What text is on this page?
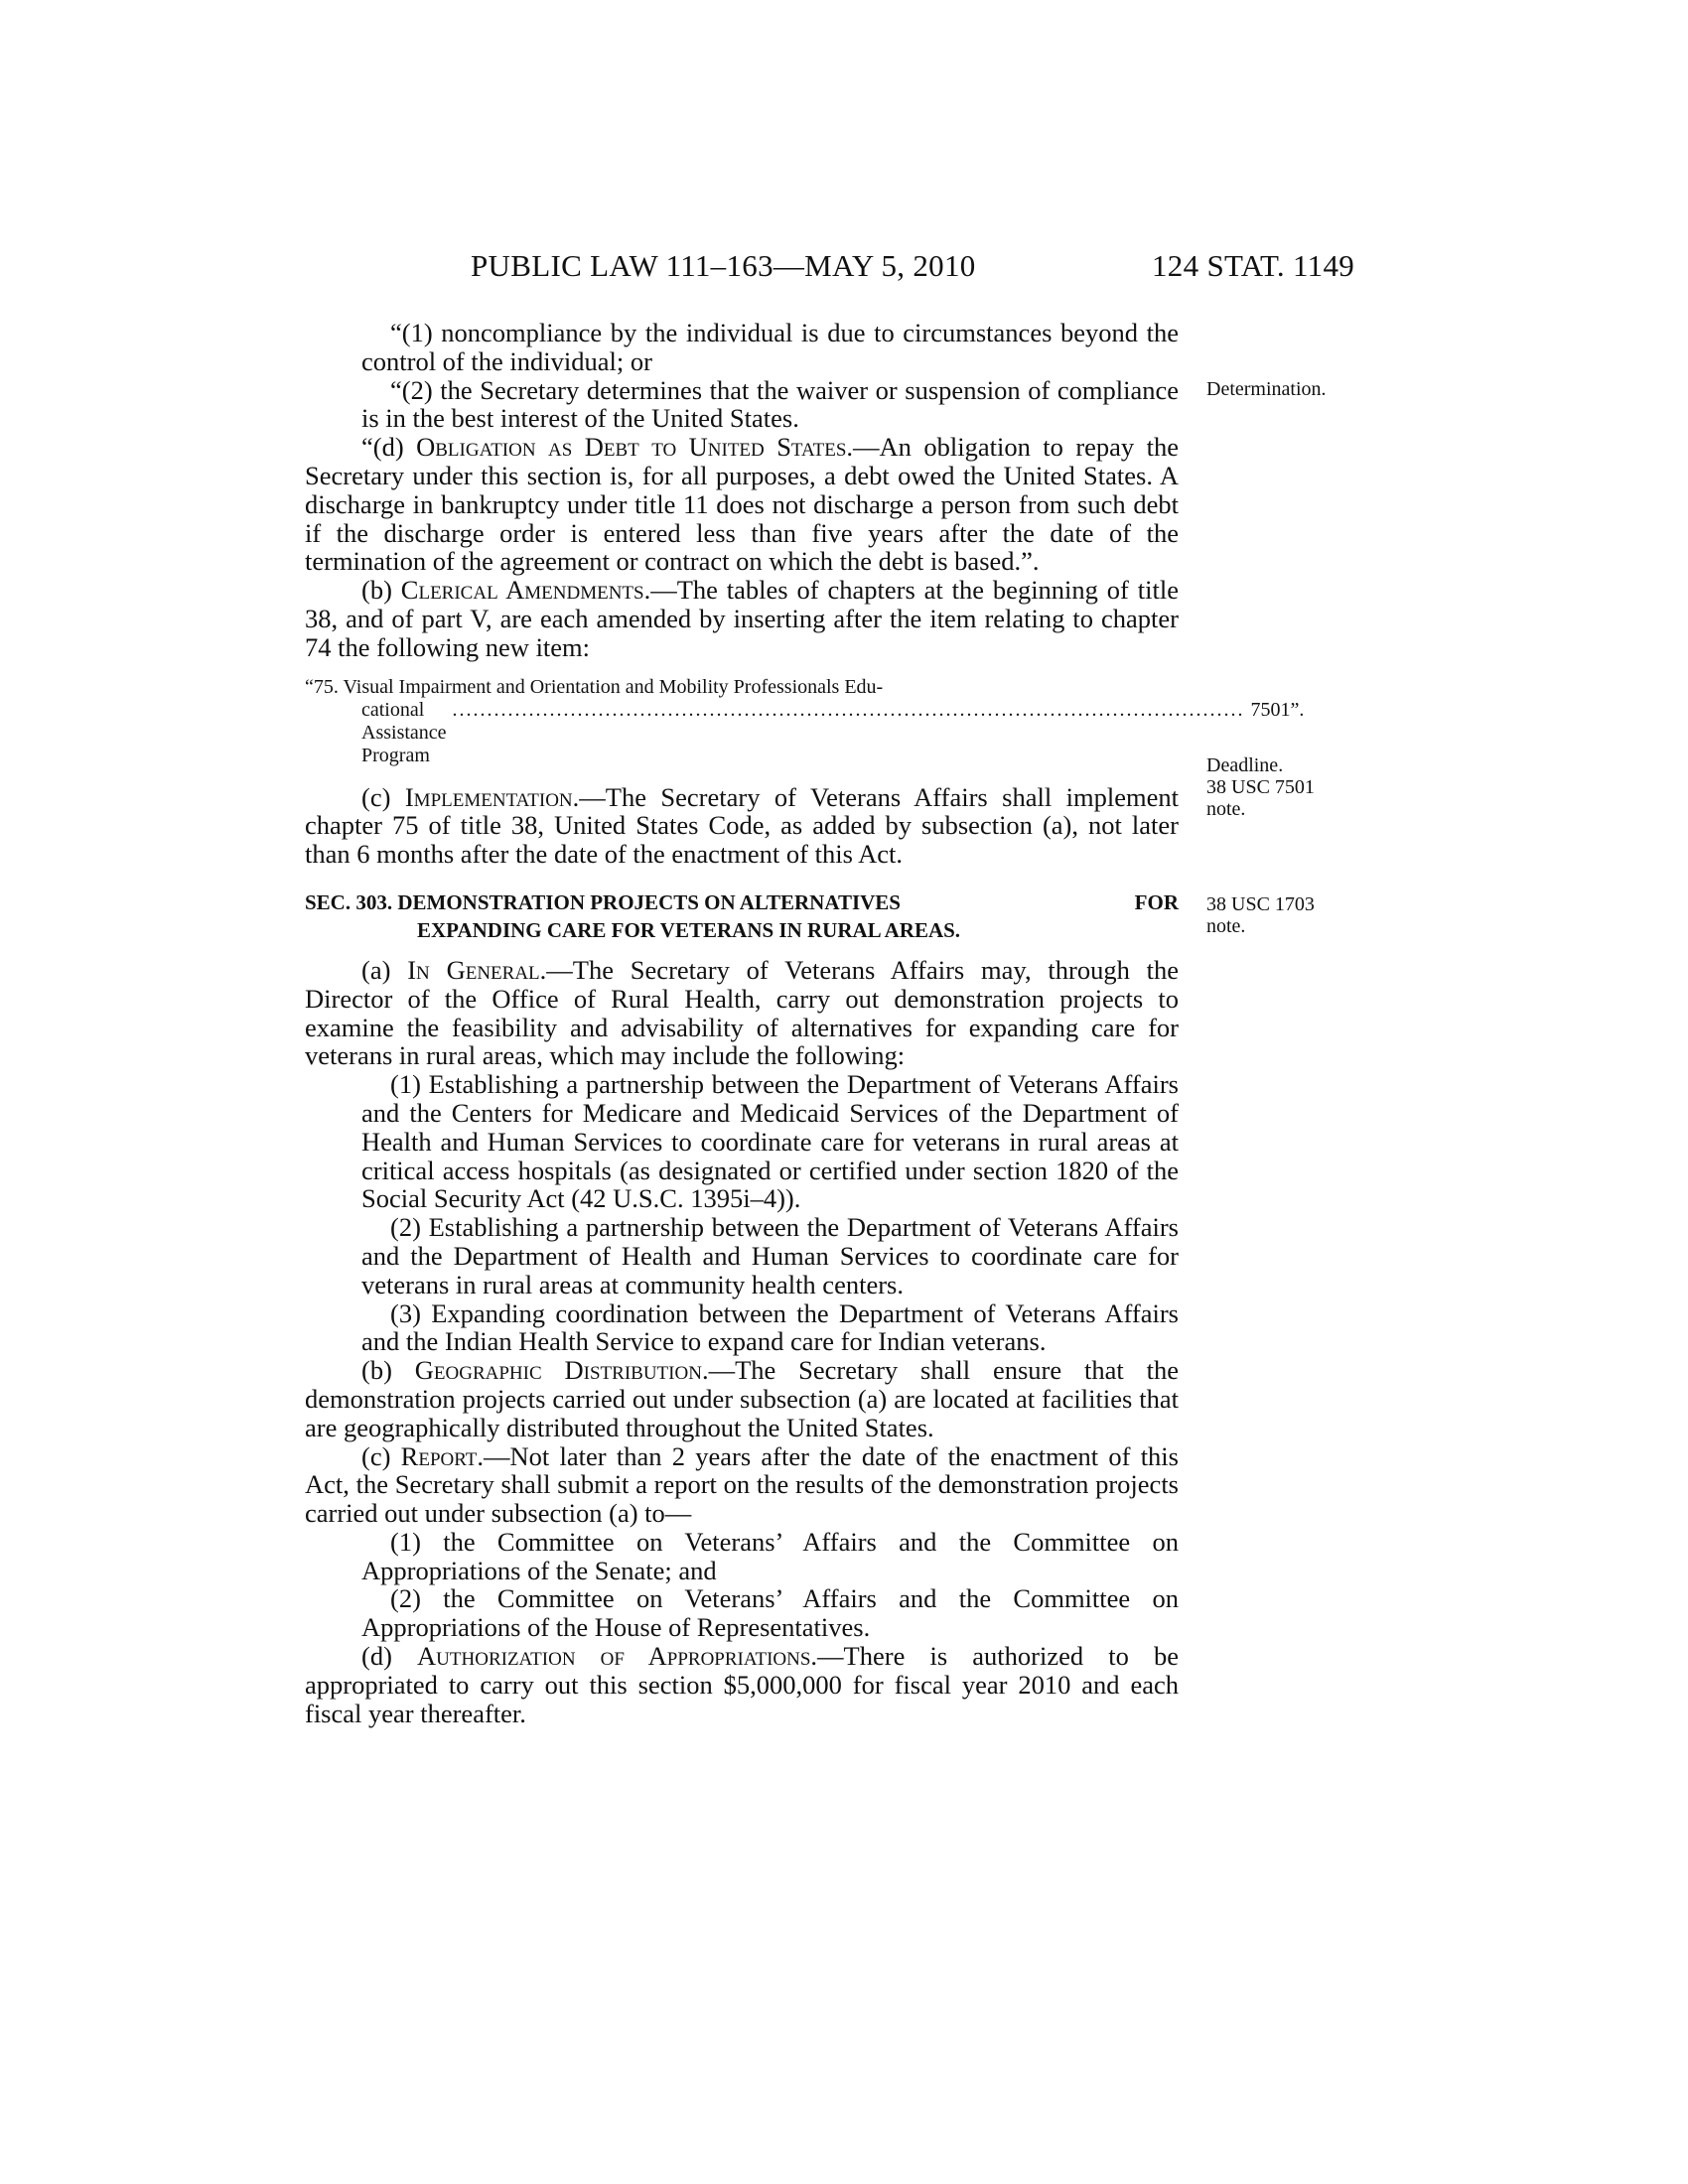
PUBLIC LAW 111–163—MAY 5, 2010	124 STAT. 1149
Determination.
Deadline.
38 USC 7501
note.
38 USC 1703
note.

“(1) noncompliance by the individual is due to circumstances beyond the control of the individual; or

“(2) the Secretary determines that the waiver or suspension of compliance is in the best interest of the United States.

“(d) Obligation as Debt to United States.—An obligation to repay the Secretary under this section is, for all purposes, a debt owed the United States. A discharge in bankruptcy under title 11 does not discharge a person from such debt if the discharge order is entered less than five years after the date of the termination of the agreement or contract on which the debt is based.”.

(b) Clerical Amendments.—The tables of chapters at the beginning of title 38, and of part V, are each amended by inserting after the item relating to chapter 74 the following new item:

“75. Visual Impairment and Orientation and Mobility Professionals Edu-
cational Assistance Program
.................................................................................................................. 7501”.

(c) Implementation.—The Secretary of Veterans Affairs shall implement chapter 75 of title 38, United States Code, as added by subsection (a), not later than 6 months after the date of the enactment of this Act.

SEC. 303. DEMONSTRATION PROJECTS ON ALTERNATIVES	FOR
EXPANDING CARE FOR VETERANS IN RURAL AREAS.

(a) In General.—The Secretary of Veterans Affairs may, through the Director of the Office of Rural Health, carry out demonstration projects to examine the feasibility and advisability of alternatives for expanding care for veterans in rural areas, which may include the following:

(1) Establishing a partnership between the Department of Veterans Affairs and the Centers for Medicare and Medicaid Services of the Department of Health and Human Services to coordinate care for veterans in rural areas at critical access hospitals (as designated or certified under section 1820 of the Social Security Act (42 U.S.C. 1395i–4)).

(2) Establishing a partnership between the Department of Veterans Affairs and the Department of Health and Human Services to coordinate care for veterans in rural areas at community health centers.

(3) Expanding coordination between the Department of Veterans Affairs and the Indian Health Service to expand care for Indian veterans.

(b) Geographic Distribution.—The Secretary shall ensure that the demonstration projects carried out under subsection (a) are located at facilities that are geographically distributed throughout the United States.

(c) Report.—Not later than 2 years after the date of the enactment of this Act, the Secretary shall submit a report on the results of the demonstration projects carried out under subsection (a) to—

(1) the Committee on Veterans’ Affairs and the Committee on Appropriations of the Senate; and

(2) the Committee on Veterans’ Affairs and the Committee on Appropriations of the House of Representatives.

(d) Authorization of Appropriations.—There is authorized to be appropriated to carry out this section $5,000,000 for fiscal year 2010 and each fiscal year thereafter.
